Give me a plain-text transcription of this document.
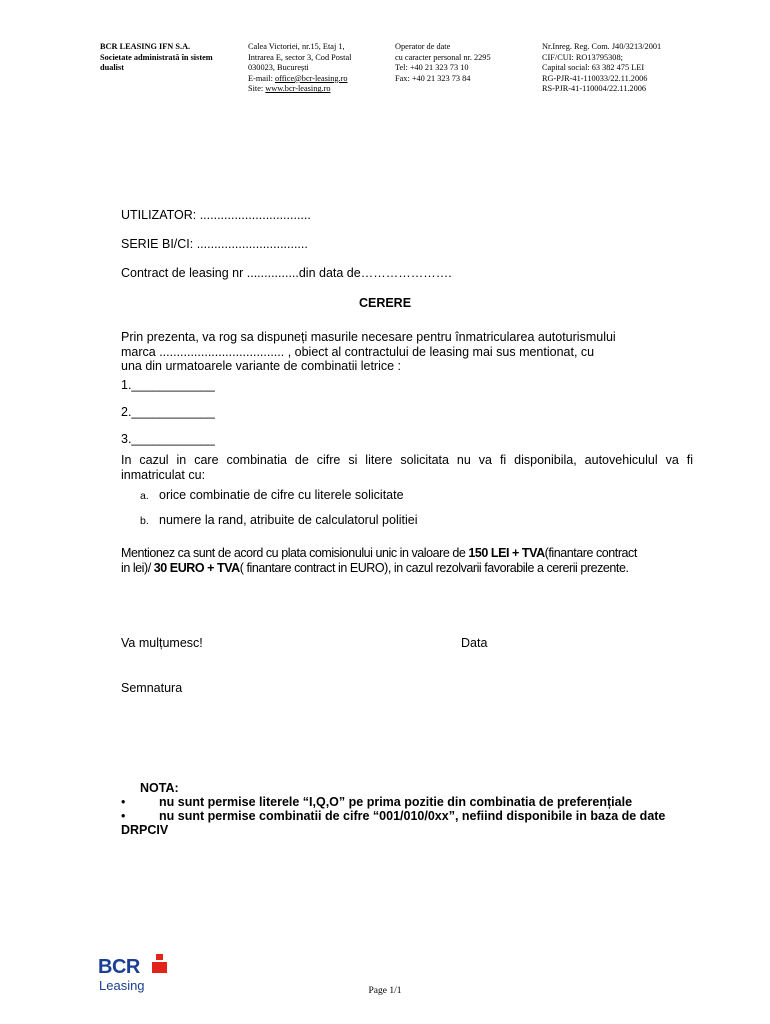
BCR LEASING IFN S.A.
Societate administrată în sistem
dualist
Calea Victoriei, nr.15, Etaj 1,
Intrarea E, sector 3, Cod Postal
030023, București
E-mail: office@bcr-leasing.ro
Site: www.bcr-leasing.ro
Operator de date
cu caracter personal nr. 2295
Tel: +40 21 323 73 10
Fax: +40 21 323 73 84
Nr.Inreg. Reg. Com. J40/3213/2001
CIF/CUI: RO13795308;
Capital social: 63 382 475 LEI
RG-PJR-41-110033/22.11.2006
RS-PJR-41-110004/22.11.2006
UTILIZATOR: ................................
SERIE BI/CI: ................................
Contract de leasing nr ...............din data de………………….
CERERE
Prin prezenta, va rog sa dispuneți masurile necesare pentru înmatricularea autoturismului
marca .................................... , obiect al contractului de leasing mai sus mentionat, cu
una din urmatoarele variante de combinatii letrice :
1.____________
2.____________
3.____________
In cazul in care combinatia de cifre si litere solicitata nu va fi disponibila, autovehiculul va fi
inmatriculat cu:
a. orice combinatie de cifre cu literele solicitate
b. numere la rand, atribuite de calculatorul politiei
Mentionez ca sunt de acord cu plata comisionului unic in valoare de 150 LEI + TVA(finantare contract
in lei)/ 30 EURO + TVA( finantare contract in EURO), in cazul rezolvarii favorabile a cererii prezente.
Va mulțumesc!	Data
Semnatura
NOTA:
•	nu sunt permise literele “I,Q,O” pe prima pozitie din combinatia de preferențiale
•	nu sunt permise combinatii de cifre “001/010/0xx”, nefiind disponibile in baza de date
DRPCIV
BCR
Leasing	Page 1/1
